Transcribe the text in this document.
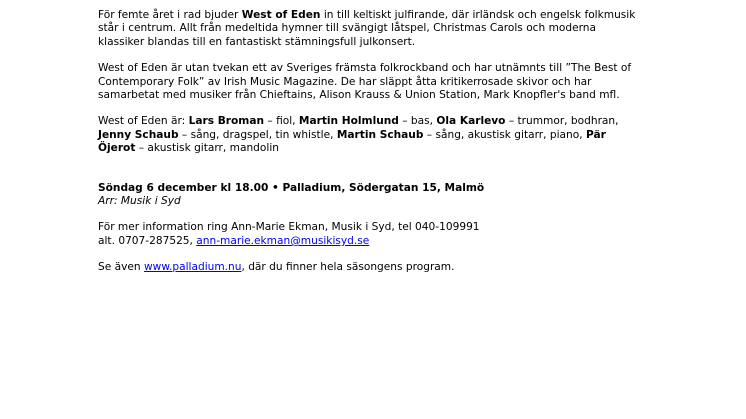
För femte året i rad bjuder West of Eden in till keltiskt julfirande, där irländsk och engelsk folkmusik står i centrum. Allt från medeltida hymner till svängigt låtspel, Christmas Carols och moderna klassiker blandas till en fantastiskt stämningsfull julkonsert.

West of Eden är utan tvekan ett av Sveriges främsta folkrockband och har utnämnts till ”The Best of Contemporary Folk” av Irish Music Magazine. De har släppt åtta kritikerrosade skivor och har samarbetat med musiker från Chieftains, Alison Krauss & Union Station, Mark Knopfler's band mfl.

West of Eden är: Lars Broman – fiol, Martin Holmlund – bas, Ola Karlevo – trummor, bodhran, Jenny Schaub – sång, dragspel, tin whistle, Martin Schaub – sång, akustisk gitarr, piano, Pär Öjerot – akustisk gitarr, mandolin

Söndag 6 december kl 18.00 • Palladium, Södergatan 15, Malmö

Arr: Musik i Syd

För mer information ring Ann-Marie Ekman, Musik i Syd, tel 040-109991

alt. 0707-287525, ann-marie.ekman@musikisyd.se

Se även www.palladium.nu, där du finner hela säsongens program.
